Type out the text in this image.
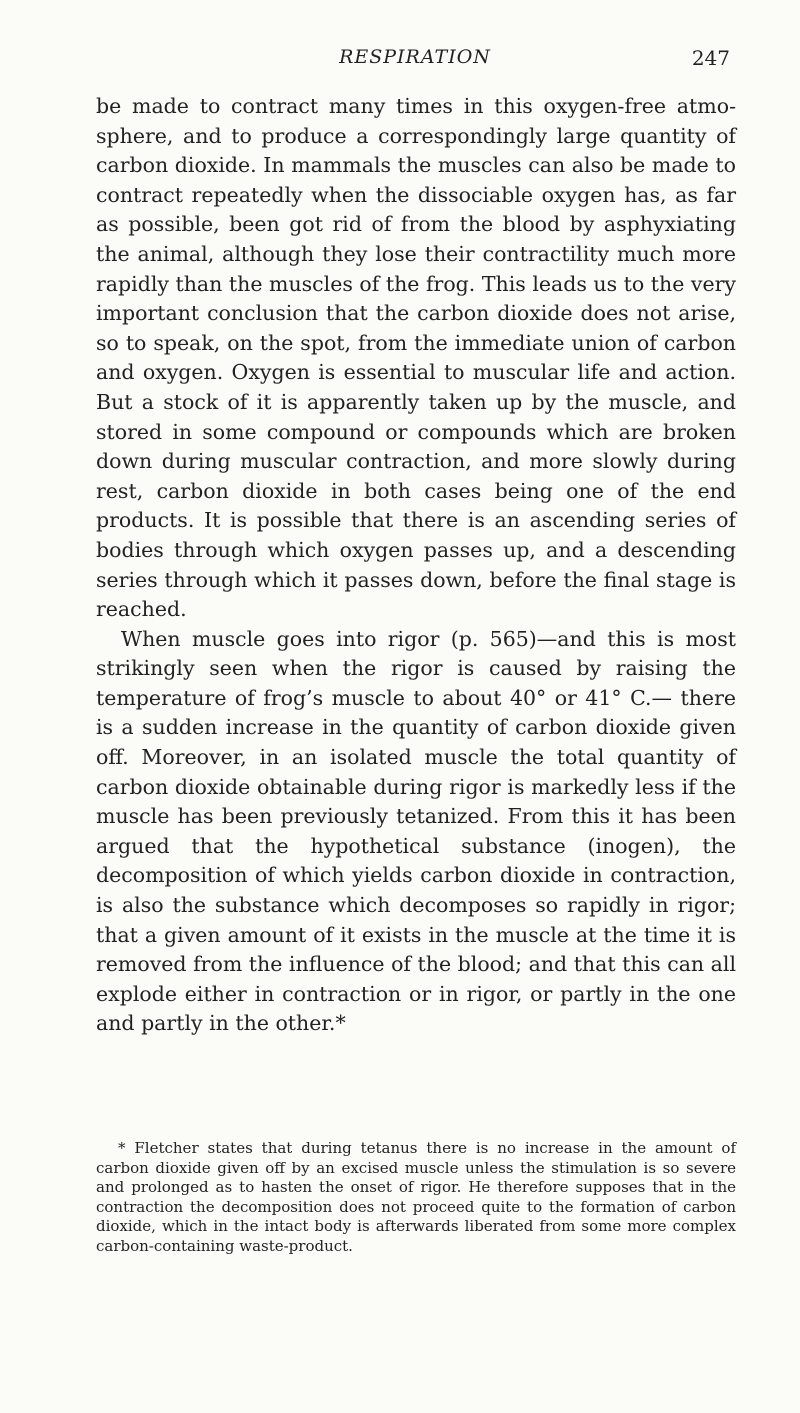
RESPIRATION	247

be made to contract many times in this oxygen-free atmosphere, and to produce a correspondingly large quantity of carbon dioxide. In mammals the muscles can also be made to contract repeatedly when the dissociable oxygen has, as far as possible, been got rid of from the blood by asphyxiating the animal, although they lose their contractility much more rapidly than the muscles of the frog. This leads us to the very important conclusion that the carbon dioxide does not arise, so to speak, on the spot, from the immediate union of carbon and oxygen. Oxygen is essential to muscular life and action. But a stock of it is apparently taken up by the muscle, and stored in some compound or compounds which are broken down during muscular contraction, and more slowly during rest, carbon dioxide in both cases being one of the end products. It is possible that there is an ascending series of bodies through which oxygen passes up, and a descending series through which it passes down, before the final stage is reached.

When muscle goes into rigor (p. 565)—and this is most strikingly seen when the rigor is caused by raising the temperature of frog’s muscle to about 40° or 41° C.— there is a sudden increase in the quantity of carbon dioxide given off. Moreover, in an isolated muscle the total quantity of carbon dioxide obtainable during rigor is markedly less if the muscle has been previously tetanized. From this it has been argued that the hypothetical substance (inogen), the decomposition of which yields carbon dioxide in contraction, is also the substance which decomposes so rapidly in rigor; that a given amount of it exists in the muscle at the time it is removed from the influence of the blood; and that this can all explode either in contraction or in rigor, or partly in the one and partly in the other.*

* Fletcher states that during tetanus there is no increase in the amount of carbon dioxide given off by an excised muscle unless the stimulation is so severe and prolonged as to hasten the onset of rigor. He therefore supposes that in the contraction the decomposition does not proceed quite to the formation of carbon dioxide, which in the intact body is afterwards liberated from some more complex carbon-containing waste-product.
